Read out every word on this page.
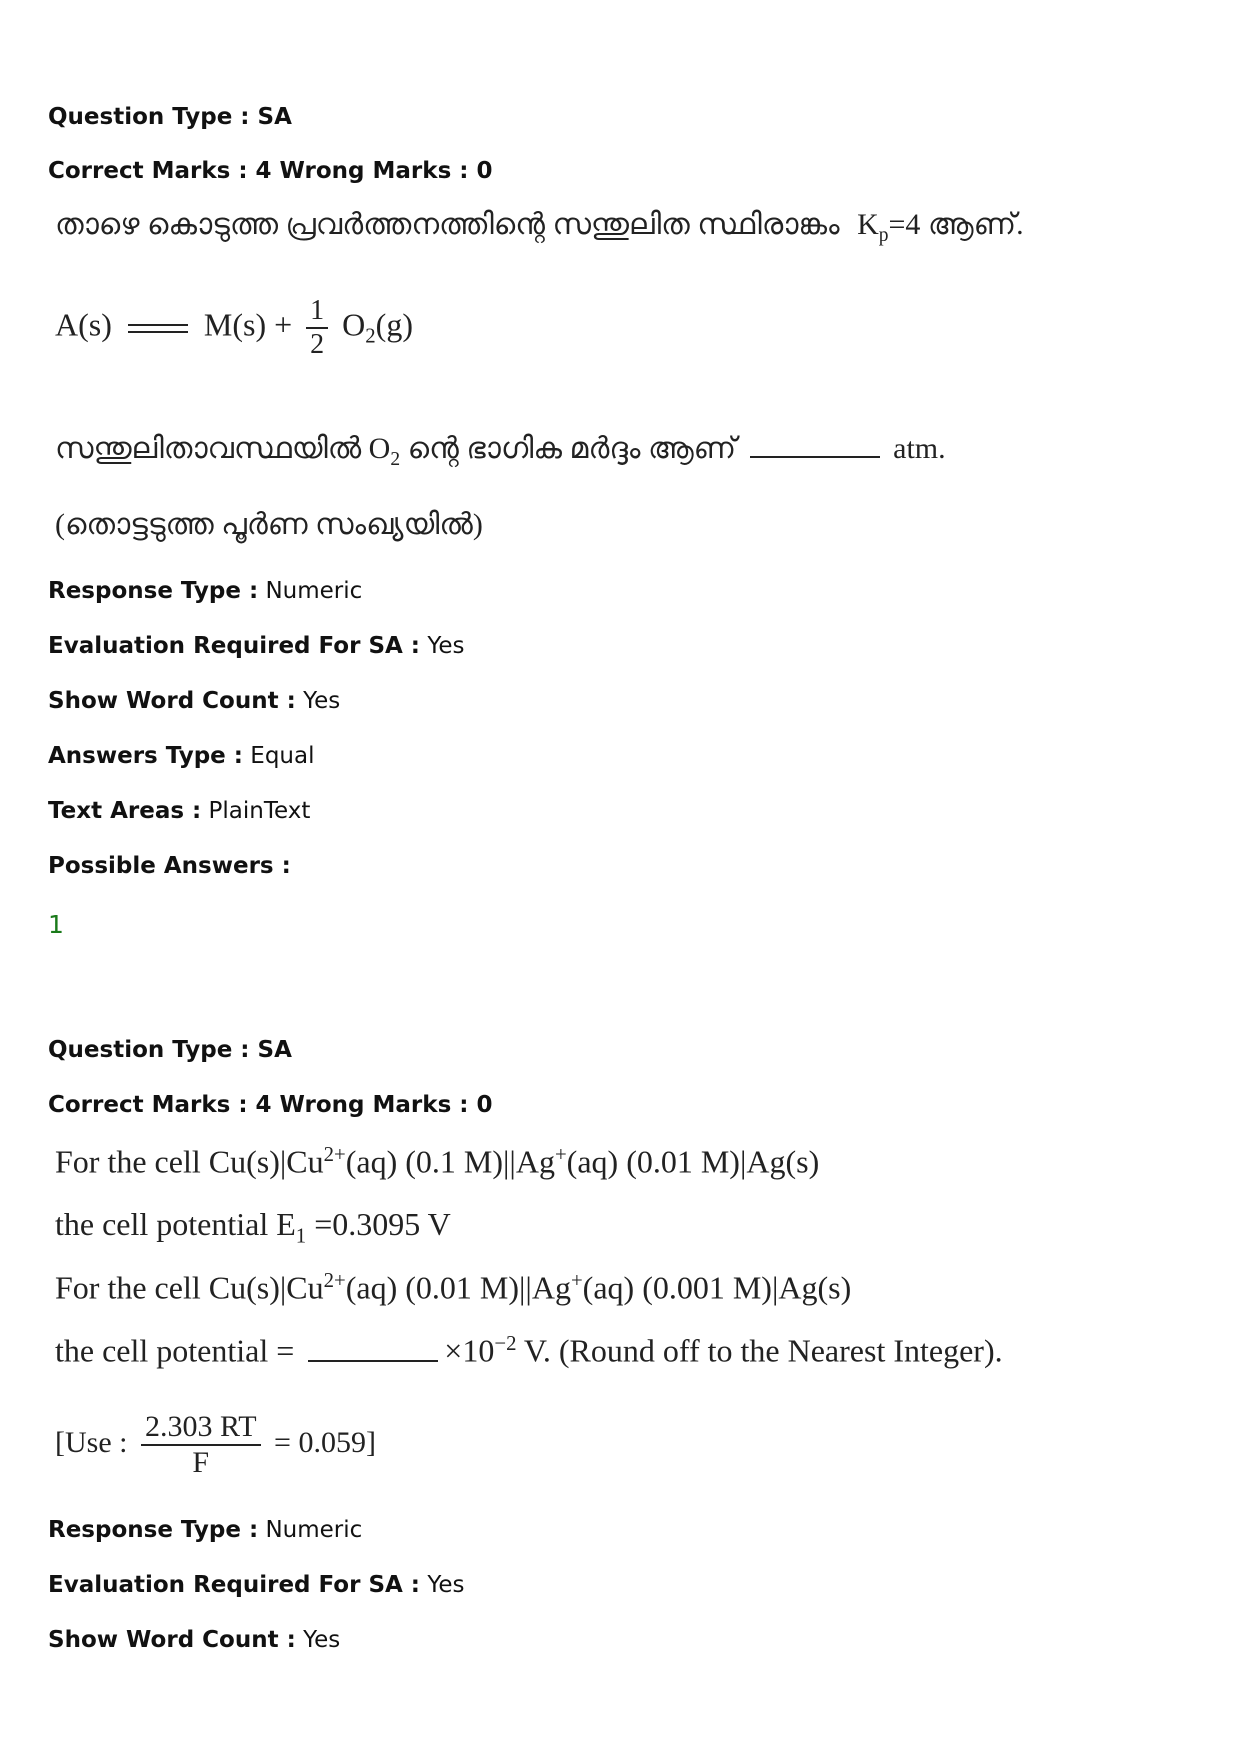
Question Type : SA
Correct Marks : 4 Wrong Marks : 0
താഴെ കൊടുത്ത പ്രവർത്തനത്തിന്റെ സന്തുലിത സ്ഥിരാങ്കം $K_p=4$ ആണ്.
A(s)	$M(s) + \frac{1}{2} O_2(g)$
സന്തുലിതാവസ്ഥയിൽ $O_2$ ന്റെ ഭാഗിക മർദ്ദം ആണ്	atm.
(തൊട്ടടുത്ത പൂർണ സംഖ്യയിൽ)
Response Type : Numeric
Evaluation Required For SA : Yes
Show Word Count : Yes
Answers Type : Equal
Text Areas : PlainText
Possible Answers :
1
Question Type : SA
Correct Marks : 4 Wrong Marks : 0
For the cell $Cu(s)|Cu^{2+}(aq)$ (0.1 M)||Ag+(aq) (0.01 M)|Ag(s)
the cell potential $E_1 =0.3095$ V
For the cell $Cu(s)|Cu^{2+}(aq)$ (0.01 M)||Ag+(aq) (0.001 M)|Ag(s)
the cell potential =	$\times 10^{-2}$ V. (Round off to the Nearest Integer).
[Use : $\frac{2.303 RT}{F} = 0.059$]
Response Type : Numeric
Evaluation Required For SA : Yes
Show Word Count : Yes
